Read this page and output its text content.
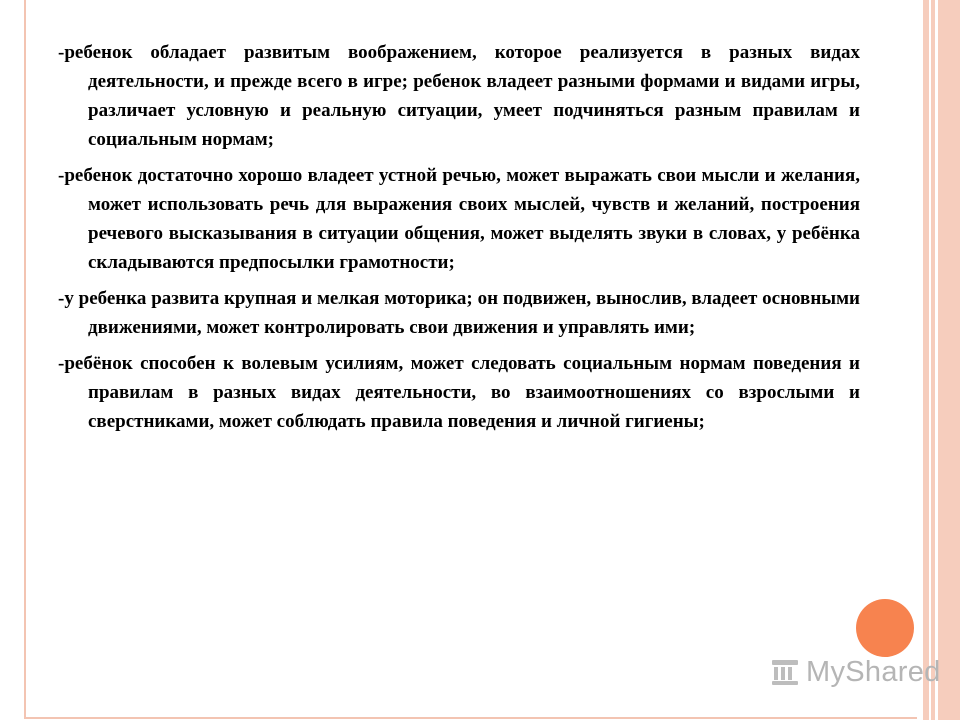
-ребенок обладает развитым воображением, которое реализуется в разных видах деятельности, и прежде всего в игре; ребенок владеет разными формами и видами игры, различает условную и реальную ситуации, умеет подчиняться разным правилам и социальным нормам;

-ребенок достаточно хорошо владеет устной речью, может выражать свои мысли и желания, может использовать речь для выражения своих мыслей, чувств и желаний, построения речевого высказывания в ситуации общения, может выделять звуки в словах, у ребёнка складываются предпосылки грамотности;

-у ребенка развита крупная и мелкая моторика; он подвижен, вынослив, владеет основными движениями, может контролировать свои движения и управлять ими;

-ребёнок способен к волевым усилиям, может следовать социальным нормам поведения и правилам в разных видах деятельности, во взаимоотношениях со взрослыми и сверстниками, может соблюдать правила поведения и личной гигиены;

MyShared
